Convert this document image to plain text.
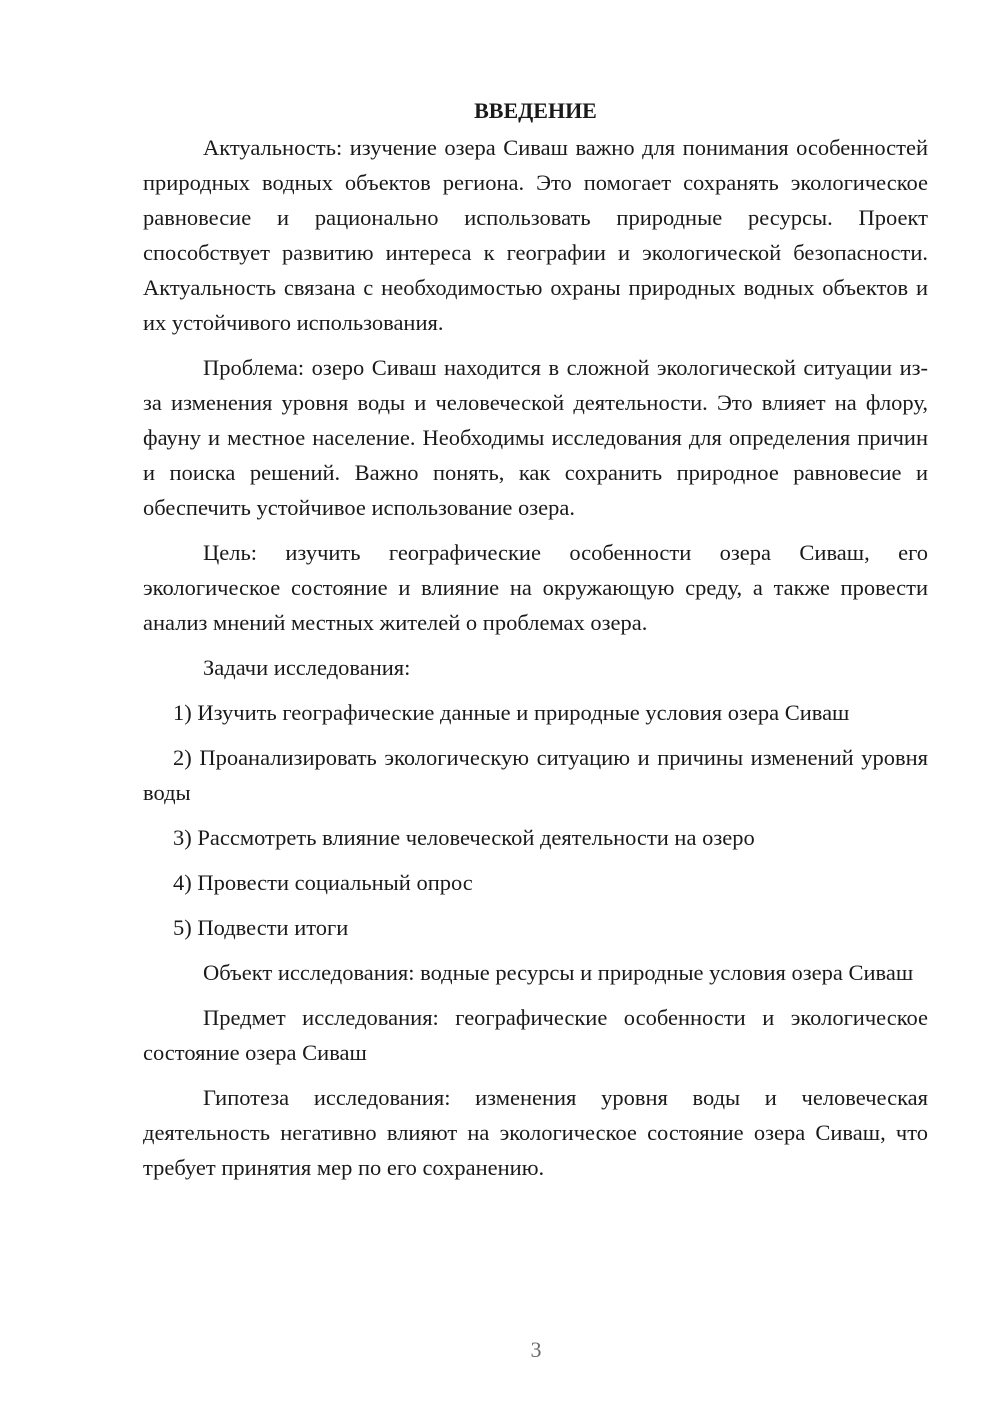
ВВЕДЕНИЕ

Актуальность: изучение озера Сиваш важно для понимания особенностей природных водных объектов региона. Это помогает сохранять экологическое равновесие и рационально использовать природные ресурсы. Проект способствует развитию интереса к географии и экологической безопасности. Актуальность связана с необходимостью охраны природных водных объектов и их устойчивого использования.

Проблема: озеро Сиваш находится в сложной экологической ситуации из-за изменения уровня воды и человеческой деятельности. Это влияет на флору, фауну и местное население. Необходимы исследования для определения причин и поиска решений. Важно понять, как сохранить природное равновесие и обеспечить устойчивое использование озера.

Цель: изучить географические особенности озера Сиваш, его экологическое состояние и влияние на окружающую среду, а также провести анализ мнений местных жителей о проблемах озера.

Задачи исследования:

1) Изучить географические данные и природные условия озера Сиваш

2) Проанализировать экологическую ситуацию и причины изменений уровня воды

3) Рассмотреть влияние человеческой деятельности на озеро

4) Провести социальный опрос

5) Подвести итоги

Объект исследования: водные ресурсы и природные условия озера Сиваш

Предмет исследования: географические особенности и экологическое состояние озера Сиваш

Гипотеза исследования: изменения уровня воды и человеческая деятельность негативно влияют на экологическое состояние озера Сиваш, что требует принятия мер по его сохранению.

3
